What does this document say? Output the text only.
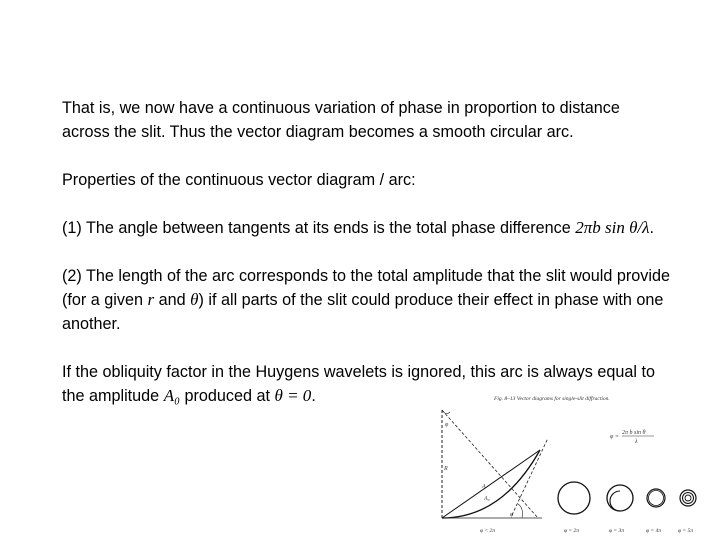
That is, we now have a continuous variation of phase in proportion to distance across the slit. Thus the vector diagram becomes a smooth circular arc.

Properties of the continuous vector diagram / arc:

(1) The angle between tangents at its ends is the total phase difference 2πb sin θ/λ.

(2) The length of the arc corresponds to the total amplitude that the slit would provide (for a given r and θ) if all parts of the slit could produce their effect in phase with one another.

If the obliquity factor in the Huygens wavelets is ignored, this arc is always equal to the amplitude A₀ produced at θ = 0.	Fig. 8–13 Vector diagrams for single-slit diffraction.
φ =
2π b sin θ
λ
φ
R
φ
A
A₀
φ < 2π	φ = 2π	φ = 3π	φ = 4π	φ = 5π
